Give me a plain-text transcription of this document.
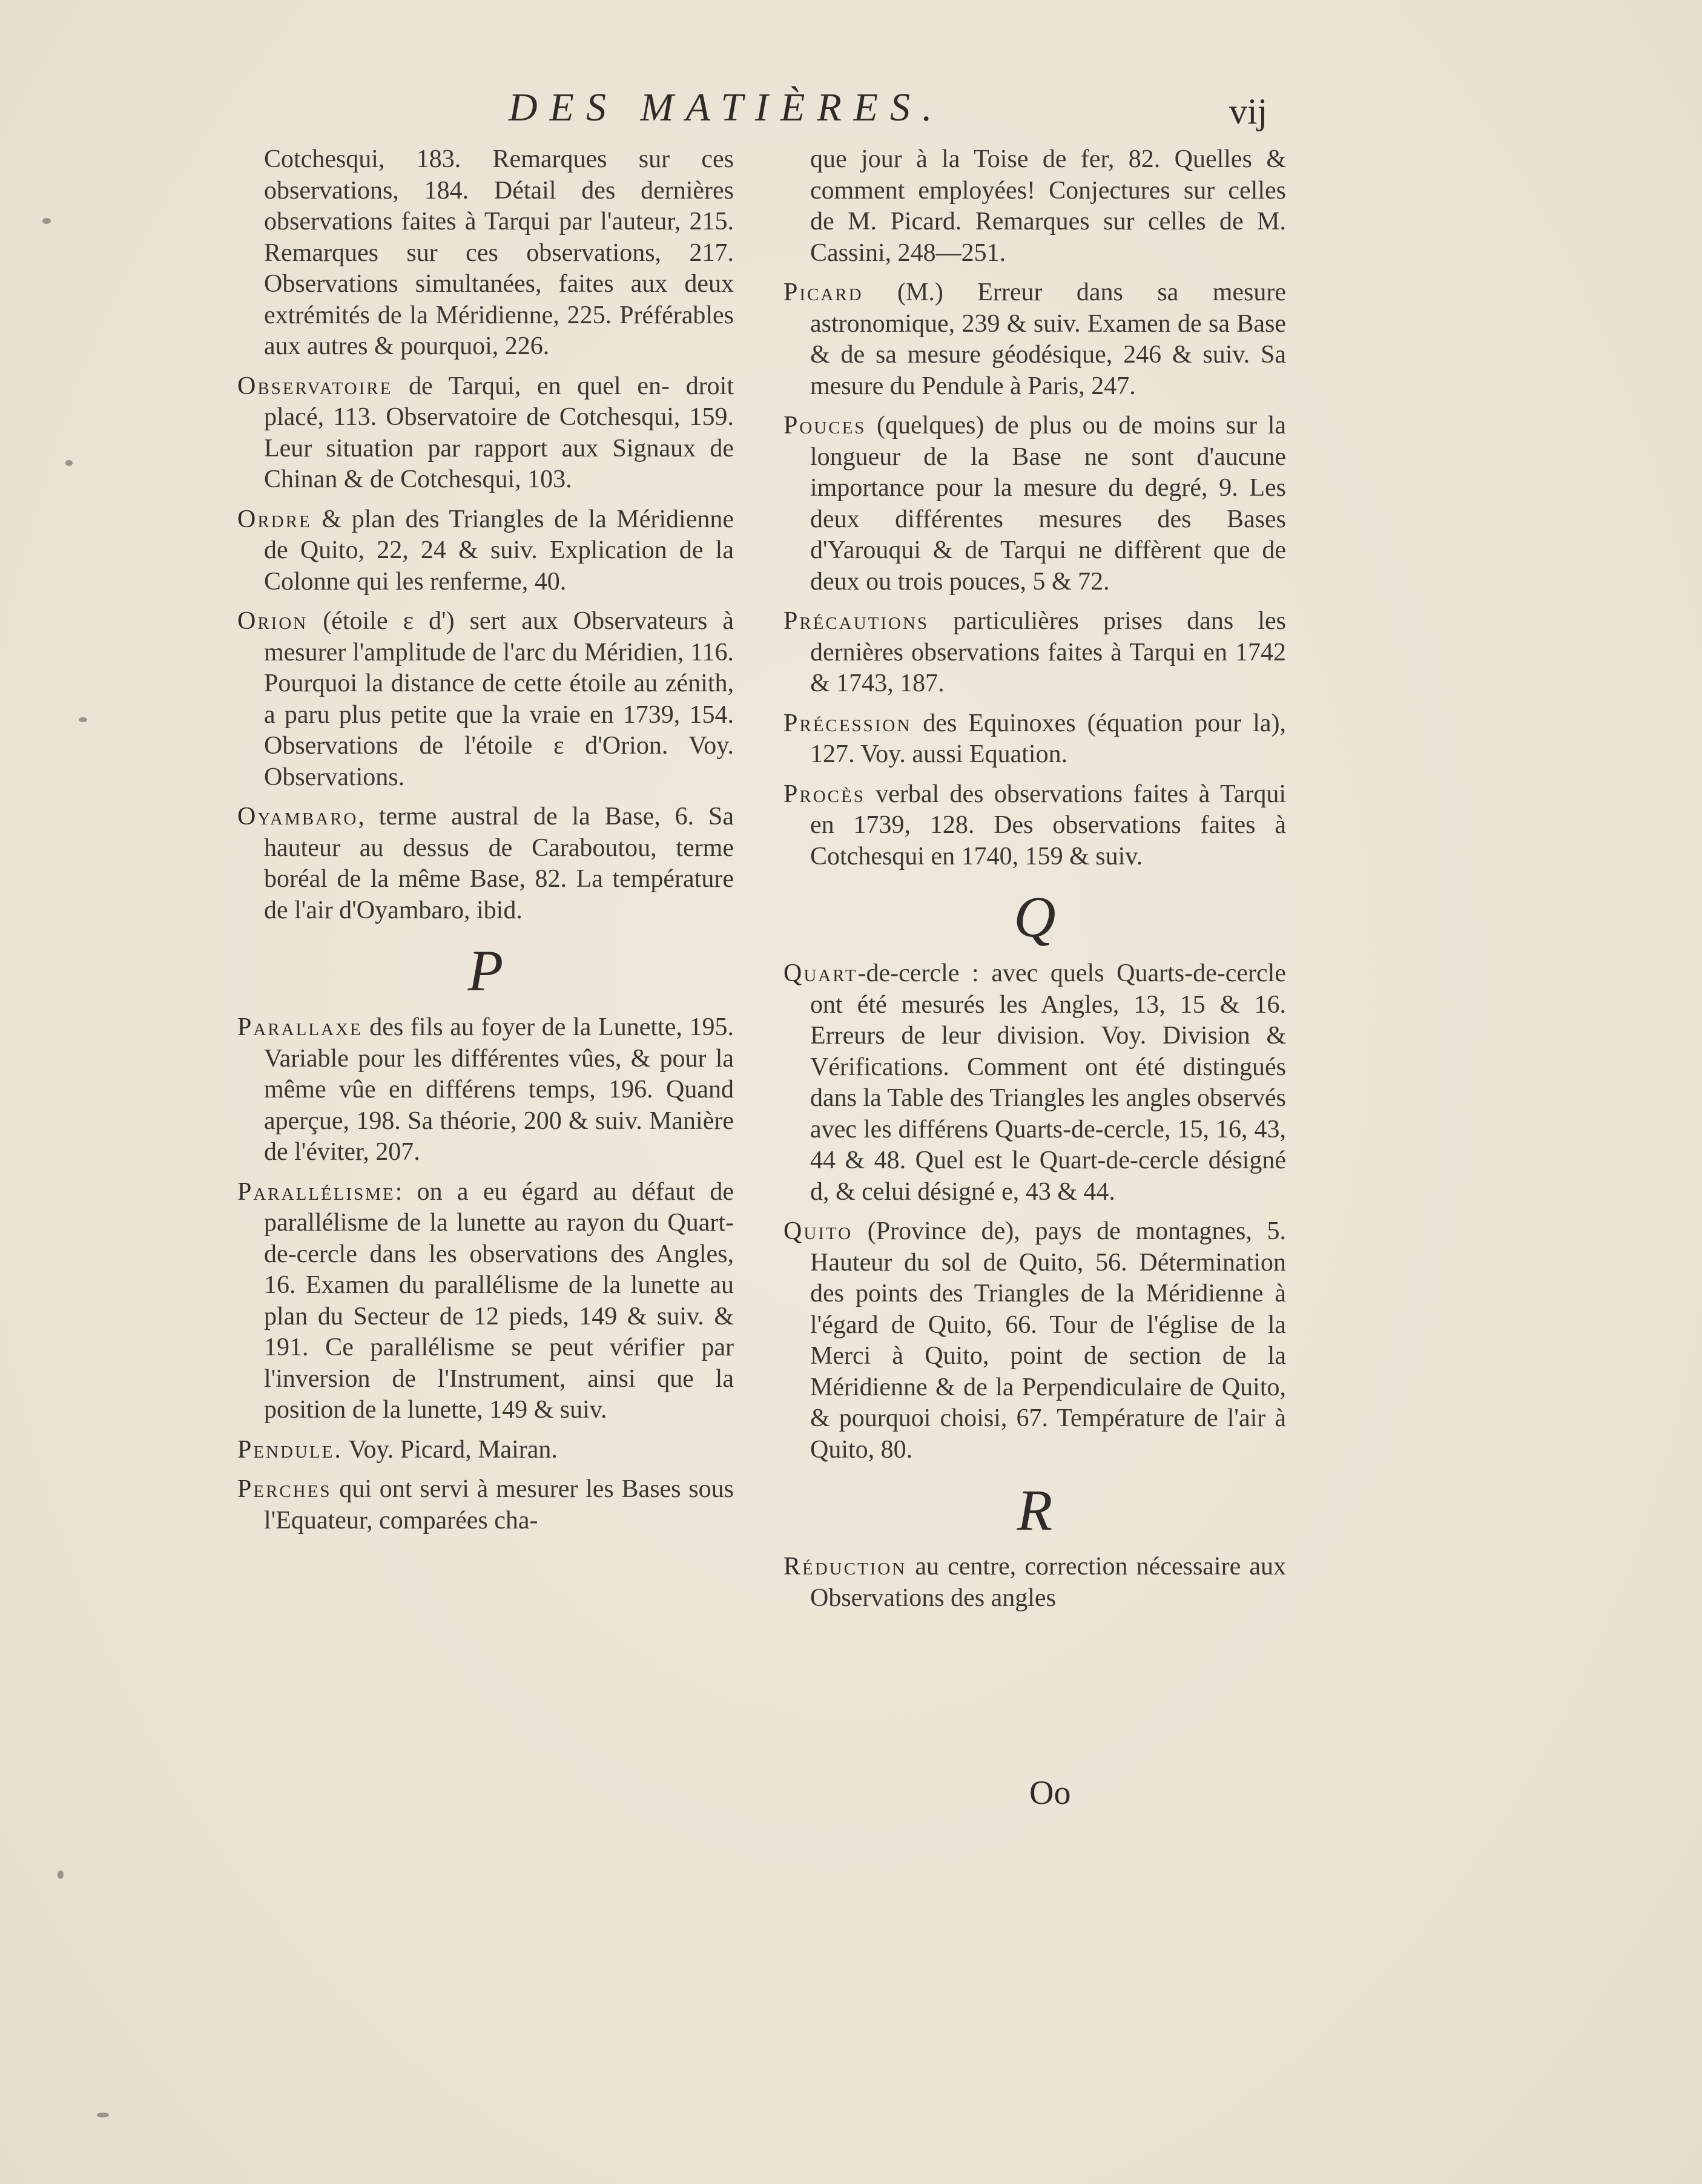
DES MATIÈRES.	vij

Cotchesqui, 183. Remarques sur ces observations, 184. Détail des dernières observations faites à Tarqui par l'auteur, 215. Remarques sur ces observations, 217. Observations simultanées, faites aux deux extrémités de la Méridienne, 225. Préférables aux autres & pourquoi, 226.

Observatoire de Tarqui, en quel en- droit placé, 113. Observatoire de Cotchesqui, 159. Leur situation par rapport aux Signaux de Chinan & de Cotchesqui, 103.

Ordre & plan des Triangles de la Méridienne de Quito, 22, 24 & suiv. Explication de la Colonne qui les renferme, 40.

Orion (étoile ε d') sert aux Observateurs à mesurer l'amplitude de l'arc du Méridien, 116. Pourquoi la distance de cette étoile au zénith, a paru plus petite que la vraie en 1739, 154. Observations de l'étoile ε d'Orion. Voy. Observations.

Oyambaro, terme austral de la Base, 6. Sa hauteur au dessus de Caraboutou, terme boréal de la même Base, 82. La température de l'air d'Oyambaro, ibid.

P

Parallaxe des fils au foyer de la Lunette, 195. Variable pour les différentes vûes, & pour la même vûe en différens temps, 196. Quand aperçue, 198. Sa théorie, 200 & suiv. Manière de l'éviter, 207.

Parallélisme: on a eu égard au défaut de parallélisme de la lunette au rayon du Quart-de-cercle dans les observations des Angles, 16. Examen du parallélisme de la lunette au plan du Secteur de 12 pieds, 149 & suiv. & 191. Ce parallélisme se peut vérifier par l'inversion de l'Instrument, ainsi que la position de la lunette, 149 & suiv.

Pendule. Voy. Picard, Mairan.

Perches qui ont servi à mesurer les Bases sous l'Equateur, comparées cha-

que jour à la Toise de fer, 82. Quelles & comment employées! Conjectures sur celles de M. Picard. Remarques sur celles de M. Cassini, 248—251.

Picard (M.) Erreur dans sa mesure astronomique, 239 & suiv. Examen de sa Base & de sa mesure géodésique, 246 & suiv. Sa mesure du Pendule à Paris, 247.

Pouces (quelques) de plus ou de moins sur la longueur de la Base ne sont d'aucune importance pour la mesure du degré, 9. Les deux différentes mesures des Bases d'Yarouqui & de Tarqui ne diffèrent que de deux ou trois pouces, 5 & 72.

Précautions particulières prises dans les dernières observations faites à Tarqui en 1742 & 1743, 187.

Précession des Equinoxes (équation pour la), 127. Voy. aussi Equation.

Procès verbal des observations faites à Tarqui en 1739, 128. Des observations faites à Cotchesqui en 1740, 159 & suiv.

Q

Quart-de-cercle : avec quels Quarts-de-cercle ont été mesurés les Angles, 13, 15 & 16. Erreurs de leur division. Voy. Division & Vérifications. Comment ont été distingués dans la Table des Triangles les angles observés avec les différens Quarts-de-cercle, 15, 16, 43, 44 & 48. Quel est le Quart-de-cercle désigné d, & celui désigné e, 43 & 44.

Quito (Province de), pays de montagnes, 5. Hauteur du sol de Quito, 56. Détermination des points des Triangles de la Méridienne à l'égard de Quito, 66. Tour de l'église de la Merci à Quito, point de section de la Méridienne & de la Perpendiculaire de Quito, & pourquoi choisi, 67. Température de l'air à Quito, 80.

R

Réduction au centre, correction nécessaire aux Observations des angles

Oo
